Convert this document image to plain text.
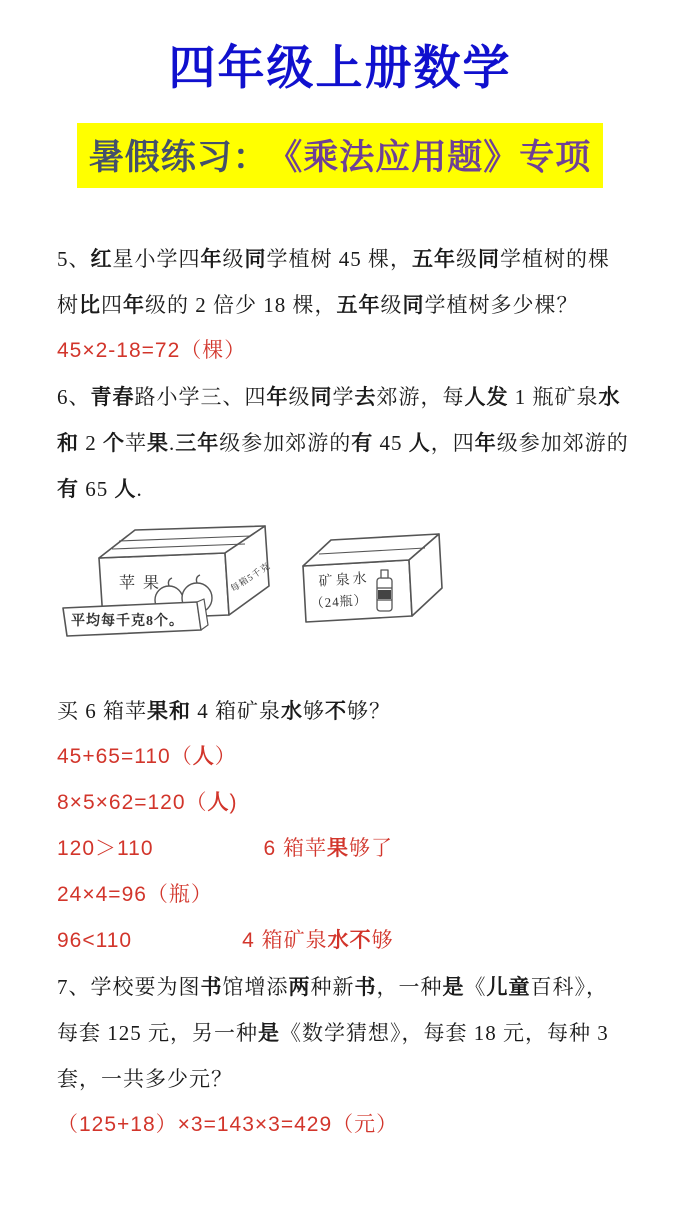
四年级上册数学
暑假练习： 《乘法应用题》专项
5、红星小学四年级同学植树 45 棵，五年级同学植树的棵
树比四年级的 2 倍少 18 棵，五年级同学植树多少棵？
45×2-18=72（棵）
6、青春路小学三、四年级同学去郊游，每人发 1 瓶矿泉水
和 2 个苹果.三年级参加郊游的有 45 人，四年级参加郊游的
有 65 人.
苹果	每箱5千克
平均每千克8个。
矿泉水
（24瓶）
买 6 箱苹果和 4 箱矿泉水够不够？
45+65=110（人）
8×5×62=120（人)
120＞110　　　　　6 箱苹果够了
24×4=96（瓶）
96<110　　　　　4 箱矿泉水不够
7、学校要为图书馆增添两种新书，一种是《儿童百科》，
每套 125 元，另一种是《数学猜想》，每套 18 元，每种 3
套，一共多少元？
（125+18）×3=143×3=429（元）
